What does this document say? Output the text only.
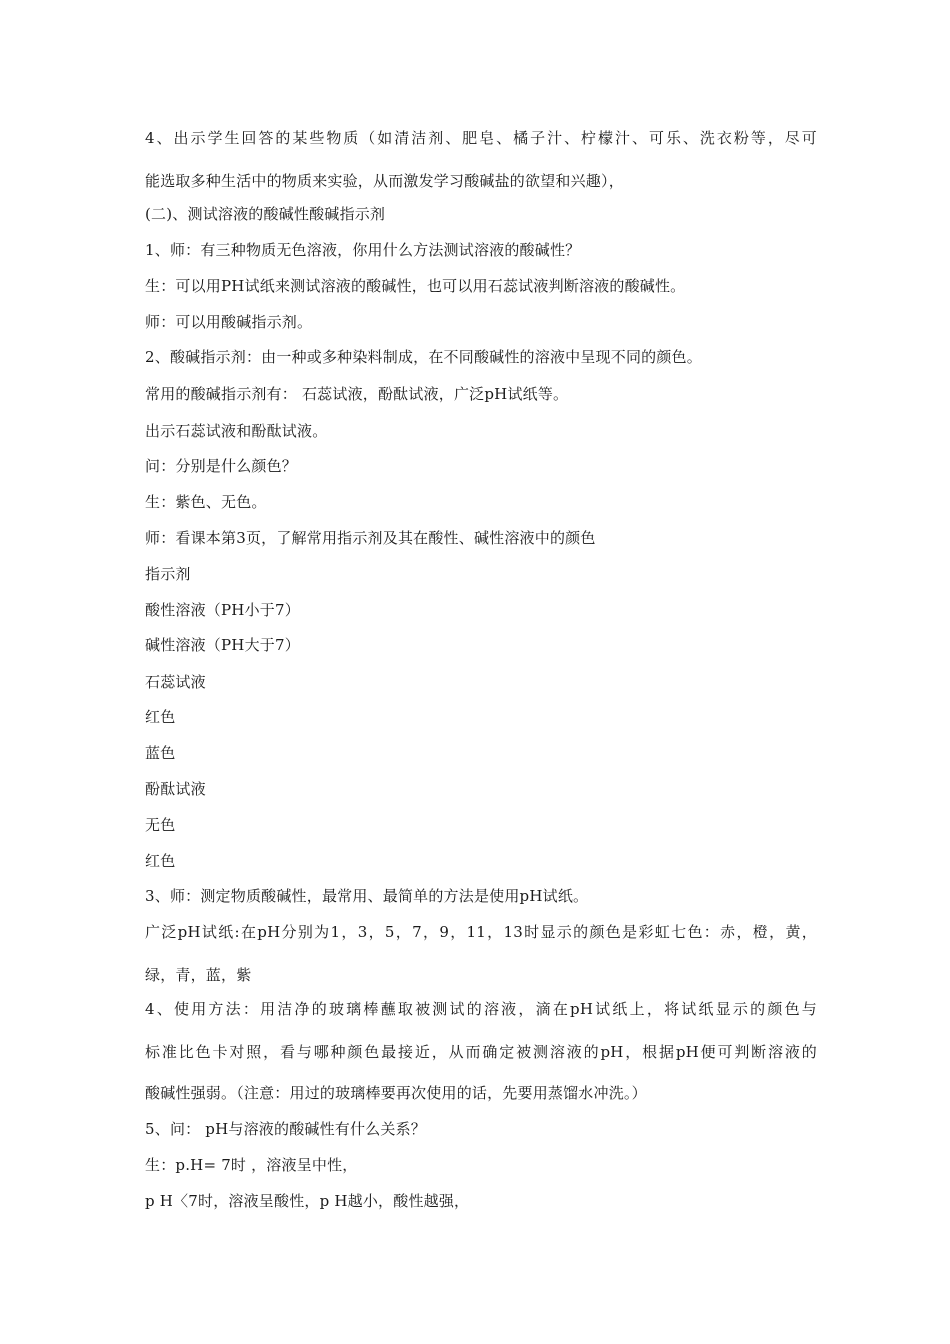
4、出示学生回答的某些物质（如清洁剂、肥皂、橘子汁、柠檬汁、可乐、洗衣粉等，尽可
能选取多种生活中的物质来实验，从而激发学习酸碱盐的欲望和兴趣），
(二)、测试溶液的酸碱性酸碱指示剂
1、师：有三种物质无色溶液，你用什么方法测试溶液的酸碱性？
生：可以用PH试纸来测试溶液的酸碱性，也可以用石蕊试液判断溶液的酸碱性。
师：可以用酸碱指示剂。
2、酸碱指示剂：由一种或多种染料制成，在不同酸碱性的溶液中呈现不同的颜色。
常用的酸碱指示剂有： 石蕊试液，酚酞试液，广泛pH试纸等。
出示石蕊试液和酚酞试液。
问：分别是什么颜色？
生：紫色、无色。
师：看课本第3页，了解常用指示剂及其在酸性、碱性溶液中的颜色
指示剂
酸性溶液（PH小于7）
碱性溶液（PH大于7）
石蕊试液
红色
蓝色
酚酞试液
无色
红色
3、师：测定物质酸碱性，最常用、最简单的方法是使用pH试纸。
广泛pH试纸:在pH分别为1，3，5，7，9，11，13时显示的颜色是彩虹七色：赤，橙，黄，
绿，青，蓝，紫
4、使用方法：用洁净的玻璃棒蘸取被测试的溶液，滴在pH试纸上，将试纸显示的颜色与
标准比色卡对照，看与哪种颜色最接近，从而确定被测溶液的pH，根据pH便可判断溶液的
酸碱性强弱。（注意：用过的玻璃棒要再次使用的话，先要用蒸馏水冲洗。）
5、问： pH与溶液的酸碱性有什么关系？
生：p.H= 7时 ，溶液呈中性，
p H〈7时，溶液呈酸性，p H越小，酸性越强，
